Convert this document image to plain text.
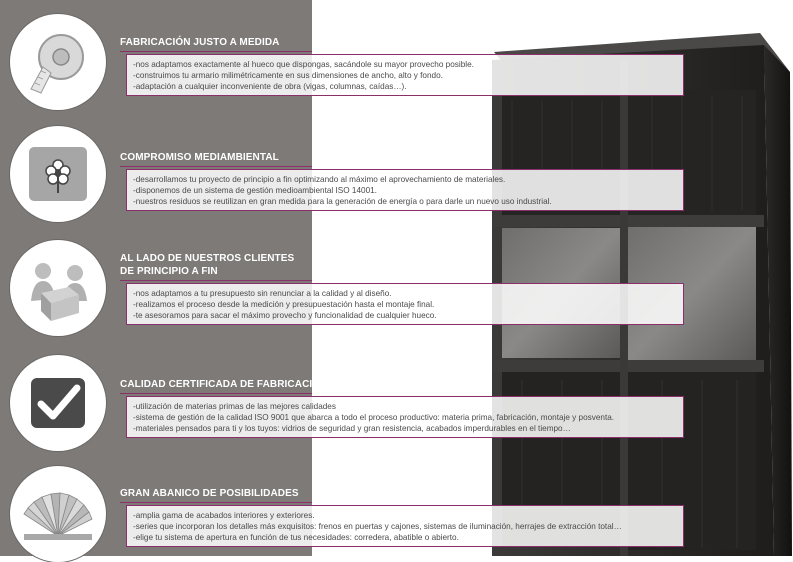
FABRICACIÓN JUSTO A MEDIDA

-nos adaptamos exactamente al hueco que dispongas, sacándole su mayor provecho posible.

-construimos tu armario milimétricamente en sus dimensiones de ancho, alto y fondo.

-adaptación a cualquier inconveniente de obra (vigas, columnas, caídas…).

COMPROMISO MEDIAMBIENTAL

-desarrollamos tu proyecto de principio a fin optimizando al máximo el aprovechamiento de materiales.

-disponemos de un sistema de gestión medioambiental ISO 14001.

-nuestros residuos se reutilizan en gran medida para la generación de energía o para darle un nuevo uso industrial.

AL LADO DE NUESTROS CLIENTES
DE PRINCIPIO A FIN

-nos adaptamos a tu presupuesto sin renunciar a la calidad y al diseño.

-realizamos el proceso desde la medición y presupuestación hasta el montaje final.

-te asesoramos para sacar el máximo provecho y funcionalidad de cualquier hueco.

CALIDAD CERTIFICADA DE FABRICACIÓN

-utilización de materias primas de las mejores calidades

-sistema de gestión de la calidad ISO 9001 que abarca a todo el proceso productivo: materia prima, fabricación, montaje y posventa.

-materiales pensados para ti y los tuyos: vidrios de seguridad y gran resistencia, acabados imperdurables en el tiempo…

GRAN ABANICO DE POSIBILIDADES

-amplia gama de acabados interiores y exteriores.

-series que incorporan los detalles más exquisitos: frenos en puertas y cajones, sistemas de iluminación, herrajes de extracción total…

-elige tu sistema de apertura en función de tus necesidades: corredera, abatible o abierto.
